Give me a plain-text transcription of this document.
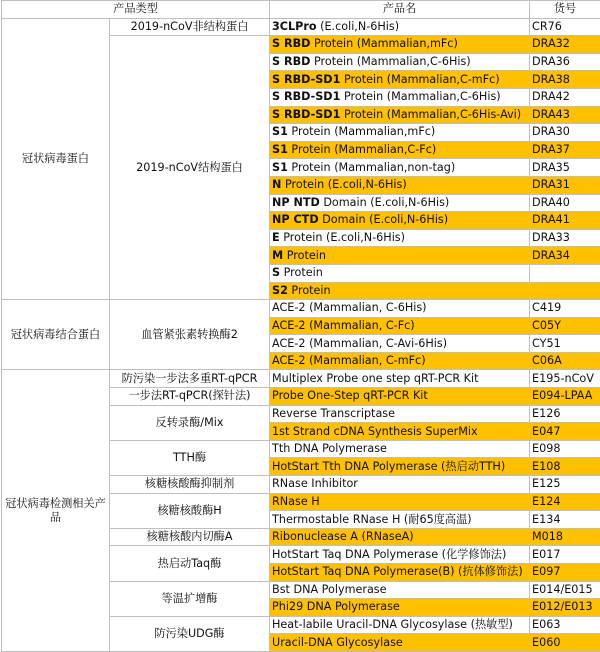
产品类型		产品名	货号
冠状病毒蛋白	2019-nCoV非结构蛋白	3CLPro (E.coli,N-6His)	CR76
	2019-nCoV结构蛋白	S RBD Protein (Mammalian,mFc)	DRA32
		S RBD Protein (Mammalian,C-6His)	DRA36
		S RBD-SD1 Protein (Mammalian,C-mFc)	DRA38
		S RBD-SD1 Protein (Mammalian,C-6His)	DRA42
		S RBD-SD1 Protein (Mammalian,C-6His-Avi)	DRA43
		S1 Protein (Mammalian,mFc)	DRA30
		S1 Protein (Mammalian,C-Fc)	DRA37
		S1 Protein (Mammalian,non-tag)	DRA35
		N Protein (E.coli,N-6His)	DRA31
		NP NTD Domain (E.coli,N-6His)	DRA40
		NP CTD Domain (E.coli,N-6His)	DRA41
		E Protein (E.coli,N-6His)	DRA33
		M Protein	DRA34
		S Protein	
		S2 Protein	
冠状病毒结合蛋白	血管紧张素转换酶2	ACE-2 (Mammalian, C-6His)	C419
		ACE-2 (Mammalian, C-Fc)	C05Y
		ACE-2 (Mammalian, C-Avi-6His)	CY51
		ACE-2 (Mammalian, C-mFc)	C06A
冠状病毒检测相关产品	防污染一步法多重RT-qPCR	Multiplex Probe one step qRT-PCR Kit	E195-nCoV
	一步法RT-qPCR(探针法)	Probe One-Step qRT-PCR Kit	E094-LPAA
	反转录酶/Mix	Reverse Transcriptase	E126
		1st Strand cDNA Synthesis SuperMix	E047
	TTH酶	Tth DNA Polymerase	E098
		HotStart Tth DNA Polymerase (热启动TTH)	E108
	核糖核酸酶抑制剂	RNase Inhibitor	E125
	核糖核酸酶H	RNase H	E124
		Thermostable RNase H (耐65度高温)	E134
	核糖核酸内切酶A	Ribonuclease A (RNaseA)	M018
	热启动Taq酶	HotStart Taq DNA Polymerase (化学修饰法)	E017
		HotStart Taq DNA Polymerase(B) (抗体修饰法)	E097
	等温扩增酶	Bst DNA Polymerase	E014/E015
		Phi29 DNA Polymerase	E012/E013
	防污染UDG酶	Heat-labile Uracil-DNA Glycosylase (热敏型)	E063
		Uracil-DNA Glycosylase	E060
